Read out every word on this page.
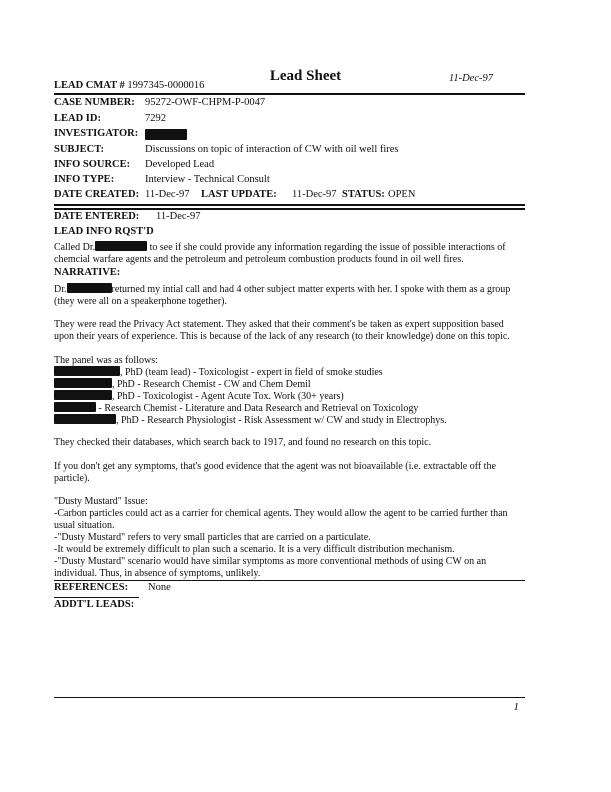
Lead Sheet	11-Dec-97
LEAD CMAT # 1997345-0000016
CASE NUMBER: 95272-OWF-CHPM-P-0047
LEAD ID:	7292
INVESTIGATOR:
SUBJECT:	Discussions on topic of interaction of CW with oil well fires
INFO SOURCE: Developed Lead
INFO TYPE:	Interview - Technical Consult
DATE CREATED: 11-Dec-97 LAST UPDATE: 11-Dec-97 STATUS: OPEN
DATE ENTERED: 11-Dec-97
LEAD INFO RQST'D

Called Dr.	to see if she could provide any information regarding the issue of possible interactions of

chemcial warfare agents and the petroleum and petroleum combustion products found in oil well fires.

NARRATIVE:

Dr.	returned my intial call and had 4 other subject matter experts with her. I spoke with them as a group

(they were all on a speakerphone together).

They were read the Privacy Act statement. They asked that their comment's be taken as expert supposition based upon their years of experience. This is because of the lack of any research (to their knowledge) done on this topic.
The panel was as follows:
, PhD (team lead) - Toxicologist - expert in field of smoke studies
, PhD - Research Chemist - CW and Chem Demil
, PhD - Toxicologist - Agent Acute Tox. Work (30+ years)
- Research Chemist - Literature and Data Research and Retrieval on Toxicology
, PhD - Research Physiologist - Risk Assessment w/ CW and study in Electrophys.
They checked their databases, which search back to 1917, and found no research on this topic.
If you don't get any symptoms, that's good evidence that the agent was not bioavailable (i.e. extractable off the particle).

"Dusty Mustard" Issue:

-Carbon particles could act as a carrier for chemical agents. They would allow the agent to be carried further than usual situation.

-"Dusty Mustard" refers to very small particles that are carried on a particulate.

-It would be extremely difficult to plan such a scenario. It is a very difficult distribution mechanism.

-"Dusty Mustard" scenario would have similar symptoms as more conventional methods of using CW on an individual. Thus, in absence of symptoms, unlikely.

REFERENCES: None
ADDT'L LEADS:
1
